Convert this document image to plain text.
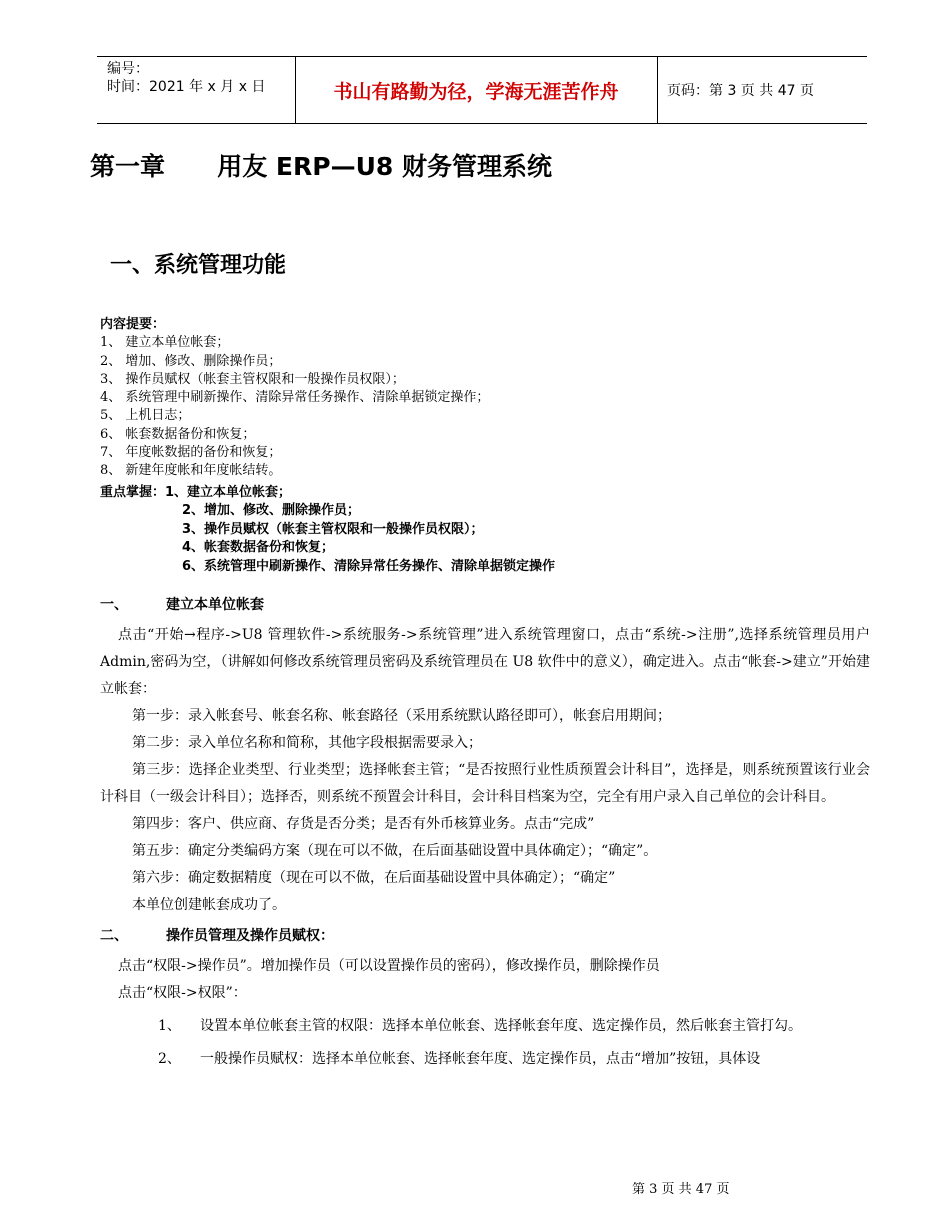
编号：
时间：2021 年 x 月 x 日	书山有路勤为径，学海无涯苦作舟	页码：第 3 页 共 47 页
第一章      用友 ERP—U8 财务管理系统
一、系统管理功能
内容提要：
1、 建立本单位帐套；
2、 增加、修改、删除操作员；
3、 操作员赋权（帐套主管权限和一般操作员权限）；
4、 系统管理中刷新操作、清除异常任务操作、清除单据锁定操作；
5、 上机日志；
6、 帐套数据备份和恢复；
7、 年度帐数据的备份和恢复；
8、 新建年度帐和年度帐结转。
重点掌握：1、建立本单位帐套；
2、增加、修改、删除操作员；
3、操作员赋权（帐套主管权限和一般操作员权限）；
4、帐套数据备份和恢复；
6、系统管理中刷新操作、清除异常任务操作、清除单据锁定操作
一、	建立本单位帐套
点击“开始→程序->U8 管理软件->系统服务->系统管理”进入系统管理窗口，点击“系统->注册”,选择系统管理员用户 Admin,密码为空，（讲解如何修改系统管理员密码及系统管理员在 U8 软件中的意义），确定进入。点击“帐套->建立”开始建立帐套：
第一步：录入帐套号、帐套名称、帐套路径（采用系统默认路径即可），帐套启用期间；
第二步：录入单位名称和简称，其他字段根据需要录入；
第三步：选择企业类型、行业类型；选择帐套主管；“是否按照行业性质预置会计科目”，选择是，则系统预置该行业会计科目（一级会计科目）；选择否，则系统不预置会计科目，会计科目档案为空，完全有用户录入自己单位的会计科目。
第四步：客户、供应商、存货是否分类；是否有外币核算业务。点击“完成”
第五步：确定分类编码方案（现在可以不做，在后面基础设置中具体确定）；“确定”。
第六步：确定数据精度（现在可以不做，在后面基础设置中具体确定）；“确定”
本单位创建帐套成功了。
二、	操作员管理及操作员赋权：
点击“权限->操作员”。增加操作员（可以设置操作员的密码），修改操作员，删除操作员
点击“权限->权限”：
1、	设置本单位帐套主管的权限：选择本单位帐套、选择帐套年度、选定操作员，然后帐套主管打勾。
2、	一般操作员赋权：选择本单位帐套、选择帐套年度、选定操作员，点击“增加”按钮，具体设
第 3 页 共 47 页
